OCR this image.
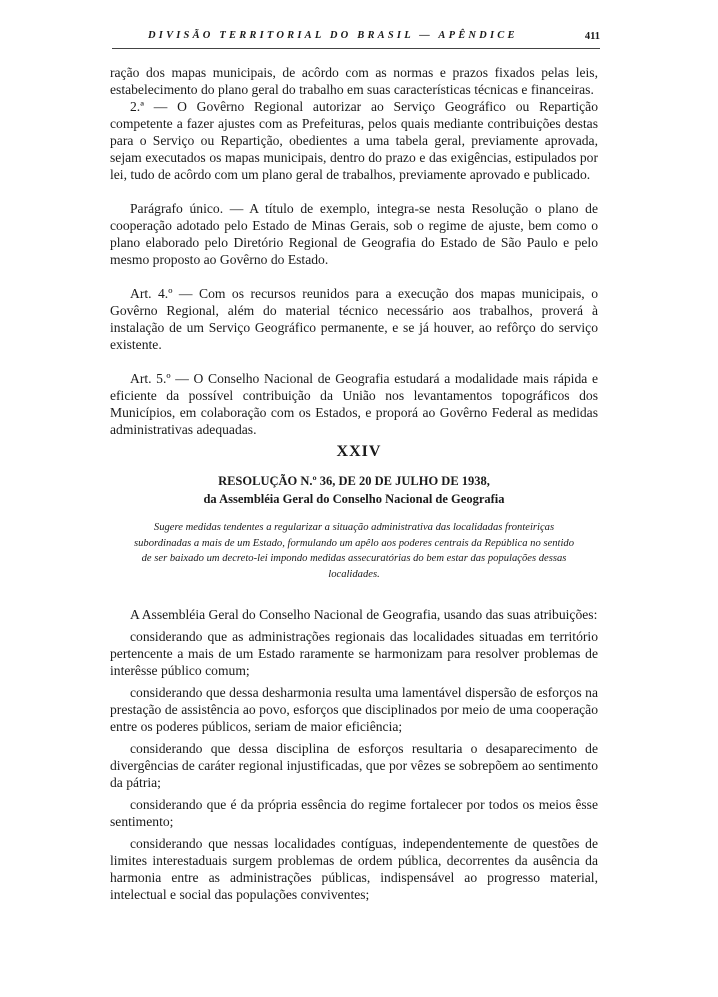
DIVISÃO TERRITORIAL DO BRASIL — APÊNDICE	411

ração dos mapas municipais, de acôrdo com as normas e prazos fixados pelas leis, estabelecimento do plano geral do trabalho em suas características técnicas e financeiras.

2.ª — O Govêrno Regional autorizar ao Serviço Geográfico ou Repartição competente a fazer ajustes com as Prefeituras, pelos quais mediante contribuições destas para o Serviço ou Repartição, obedientes a uma tabela geral, previamente aprovada, sejam executados os mapas municipais, dentro do prazo e das exigências, estipulados por lei, tudo de acôrdo com um plano geral de trabalhos, previamente aprovado e publicado.

Parágrafo único. — A título de exemplo, integra-se nesta Resolução o plano de cooperação adotado pelo Estado de Minas Gerais, sob o regime de ajuste, bem como o plano elaborado pelo Diretório Regional de Geografia do Estado de São Paulo e pelo mesmo proposto ao Govêrno do Estado.

Art. 4.º — Com os recursos reunidos para a execução dos mapas municipais, o Govêrno Regional, além do material técnico necessário aos trabalhos, proverá à instalação de um Serviço Geográfico permanente, e se já houver, ao refôrço do serviço existente.

Art. 5.º — O Conselho Nacional de Geografia estudará a modalidade mais rápida e eficiente da possível contribuição da União nos levantamentos topográficos dos Municípios, em colaboração com os Estados, e proporá ao Govêrno Federal as medidas administrativas adequadas.

XXIV
RESOLUÇÃO N.º 36, DE 20 DE JULHO DE 1938,
da Assembléia Geral do Conselho Nacional de Geografia
Sugere medidas tendentes a regularizar a situação administrativa das localidadas fronteiriças subordinadas a mais de um Estado, formulando um apêlo aos poderes centrais da República no sentido de ser baixado um decreto-lei impondo medidas assecuratórias do bem estar das populações dessas localidades.

A Assembléia Geral do Conselho Nacional de Geografia, usando das suas atribuições:

considerando que as administrações regionais das localidades situadas em território pertencente a mais de um Estado raramente se harmonizam para resolver problemas de interêsse público comum;

considerando que dessa desharmonia resulta uma lamentável dispersão de esforços na prestação de assistência ao povo, esforços que disciplinados por meio de uma cooperação entre os poderes públicos, seriam de maior eficiência;

considerando que dessa disciplina de esforços resultaria o desaparecimento de divergências de caráter regional injustificadas, que por vêzes se sobrepõem ao sentimento da pátria;

considerando que é da própria essência do regime fortalecer por todos os meios êsse sentimento;

considerando que nessas localidades contíguas, independentemente de questões de limites interestaduais surgem problemas de ordem pública, decorrentes da ausência da harmonia entre as administrações públicas, indispensável ao progresso material, intelectual e social das populações conviventes;
